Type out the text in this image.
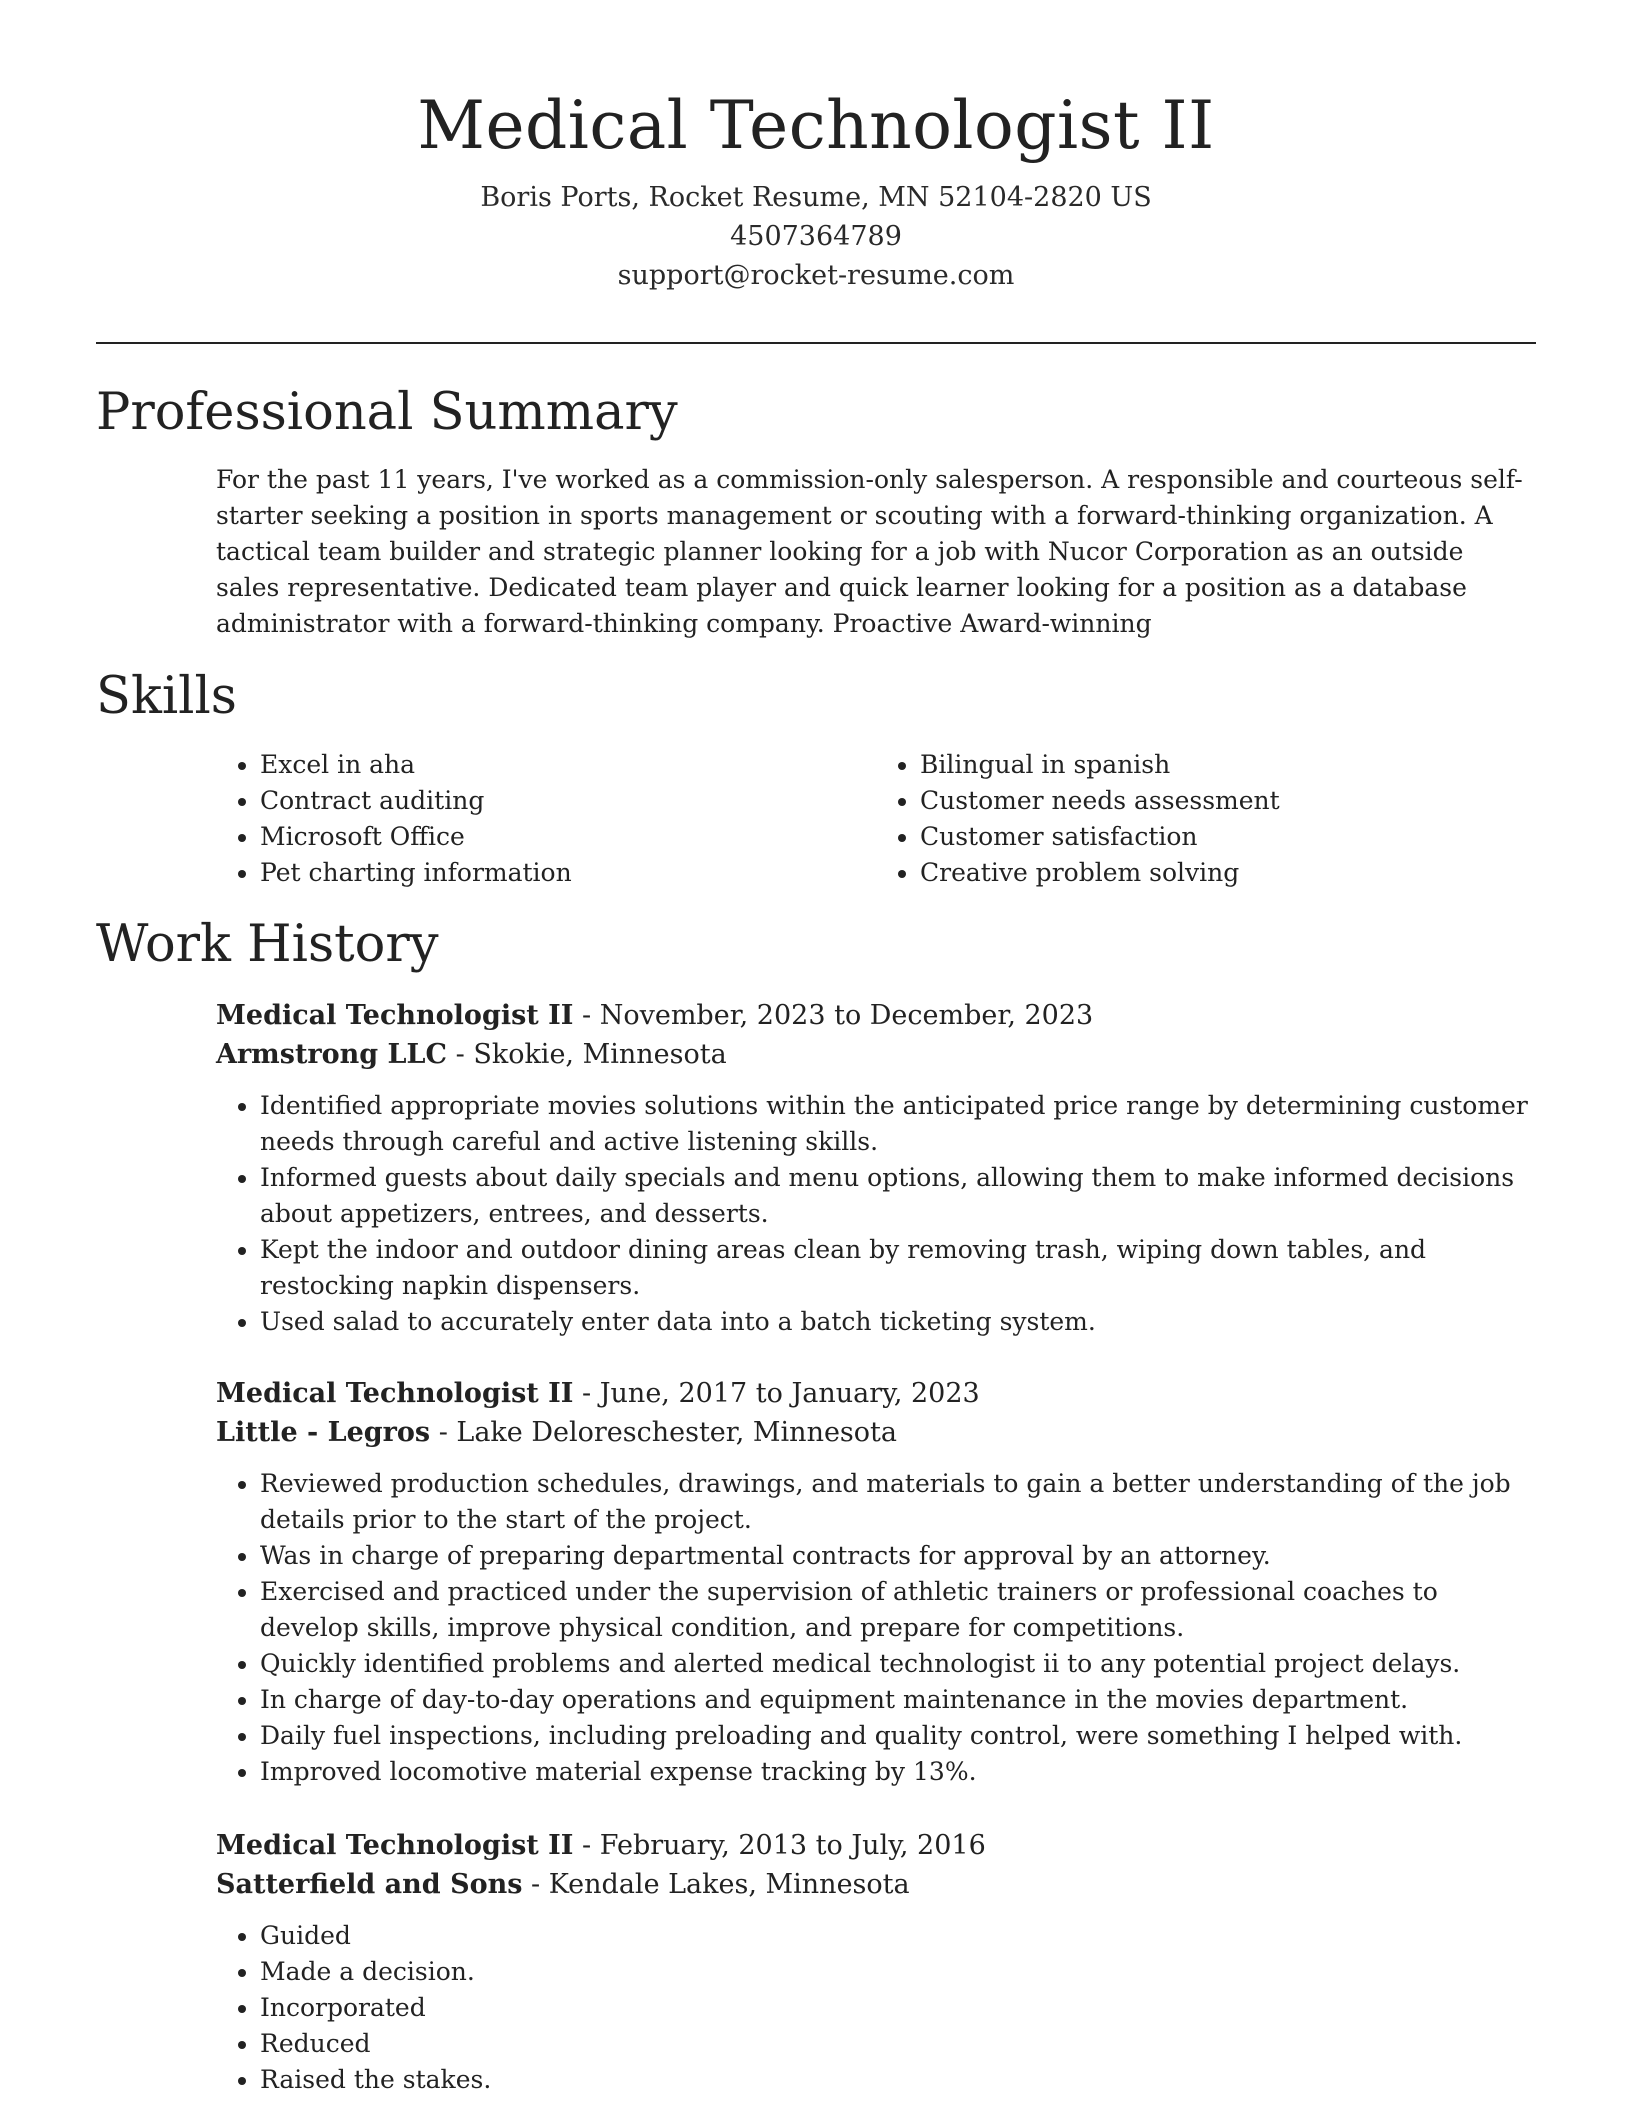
Medical Technologist II
Boris Ports, Rocket Resume, MN 52104-2820 US
4507364789
support@rocket-resume.com
Professional Summary

For the past 11 years, I've worked as a commission-only salesperson. A responsible and courteous self-starter seeking a position in sports management or scouting with a forward-thinking organization. A tactical team builder and strategic planner looking for a job with Nucor Corporation as an outside sales representative. Dedicated team player and quick learner looking for a position as a database administrator with a forward-thinking company. Proactive Award-winning

Skills
• Excel in aha
• Contract auditing
• Microsoft Office
• Pet charting information
• Bilingual in spanish
• Customer needs assessment
• Customer satisfaction
• Creative problem solving
Work History
Medical Technologist II - November, 2023 to December, 2023
Armstrong LLC - Skokie, Minnesota
• Identified appropriate movies solutions within the anticipated price range by determining customer needs through careful and active listening skills.
• Informed guests about daily specials and menu options, allowing them to make informed decisions about appetizers, entrees, and desserts.
• Kept the indoor and outdoor dining areas clean by removing trash, wiping down tables, and restocking napkin dispensers.
• Used salad to accurately enter data into a batch ticketing system.
Medical Technologist II - June, 2017 to January, 2023
Little - Legros - Lake Deloreschester, Minnesota
• Reviewed production schedules, drawings, and materials to gain a better understanding of the job details prior to the start of the project.
• Was in charge of preparing departmental contracts for approval by an attorney.
• Exercised and practiced under the supervision of athletic trainers or professional coaches to develop skills, improve physical condition, and prepare for competitions.
• Quickly identified problems and alerted medical technologist ii to any potential project delays.
• In charge of day-to-day operations and equipment maintenance in the movies department.
• Daily fuel inspections, including preloading and quality control, were something I helped with.
• Improved locomotive material expense tracking by 13%.
Medical Technologist II - February, 2013 to July, 2016
Satterfield and Sons - Kendale Lakes, Minnesota
• Guided
• Made a decision.
• Incorporated
• Reduced
• Raised the stakes.
